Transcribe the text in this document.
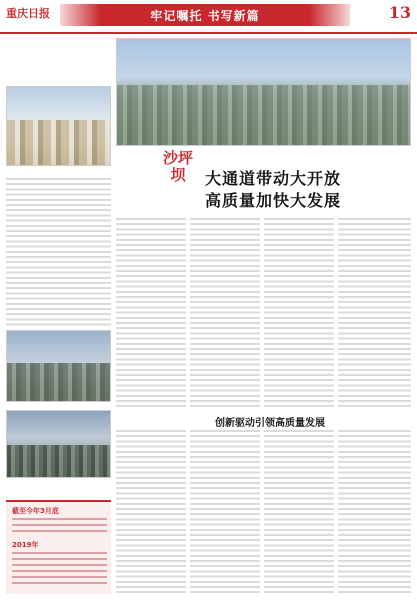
重庆日报	牢记嘱托 书写新篇	13
沙坪坝	大通道带动大开放
高质量加快大发展
创新驱动引领高质量发展
截至今年3月底
2019年
